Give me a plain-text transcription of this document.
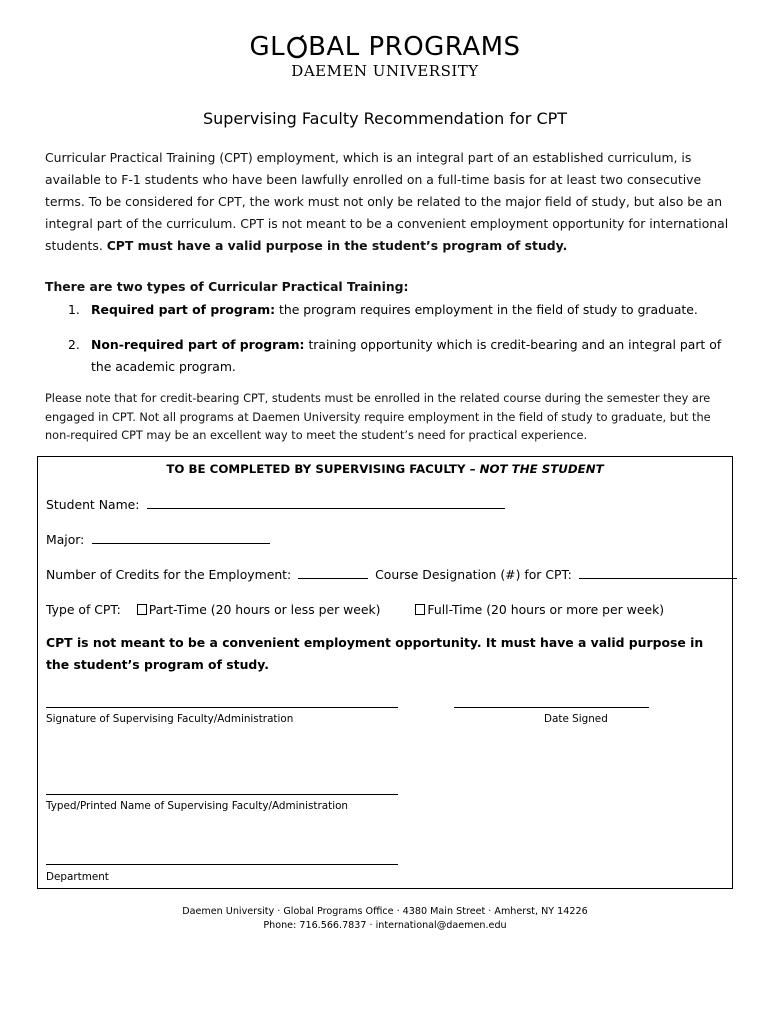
GL BAL PROGRAMS
DAEMEN UNIVERSITY
Supervising Faculty Recommendation for CPT
Curricular Practical Training (CPT) employment, which is an integral part of an established curriculum, is available to F-1 students who have been lawfully enrolled on a full-time basis for at least two consecutive terms. To be considered for CPT, the work must not only be related to the major field of study, but also be an integral part of the curriculum. CPT is not meant to be a convenient employment opportunity for international students. CPT must have a valid purpose in the student’s program of study.
There are two types of Curricular Practical Training:
1. Required part of program: the program requires employment in the field of study to graduate.
2. Non-required part of program: training opportunity which is credit-bearing and an integral part of the academic program.
Please note that for credit-bearing CPT, students must be enrolled in the related course during the semester they are engaged in CPT. Not all programs at Daemen University require employment in the field of study to graduate, but the non-required CPT may be an excellent way to meet the student’s need for practical experience.
TO BE COMPLETED BY SUPERVISING FACULTY – NOT THE STUDENT
Student Name:
Major:
Number of Credits for the Employment:	Course Designation (#) for CPT:
Type of CPT: Part-Time (20 hours or less per week)	Full-Time (20 hours or more per week)
CPT is not meant to be a convenient employment opportunity. It must have a valid purpose in the student’s program of study.
Signature of Supervising Faculty/Administration	Date Signed
Typed/Printed Name of Supervising Faculty/Administration
Department
Daemen University · Global Programs Office · 4380 Main Street · Amherst, NY 14226
Phone: 716.566.7837 · international@daemen.edu
